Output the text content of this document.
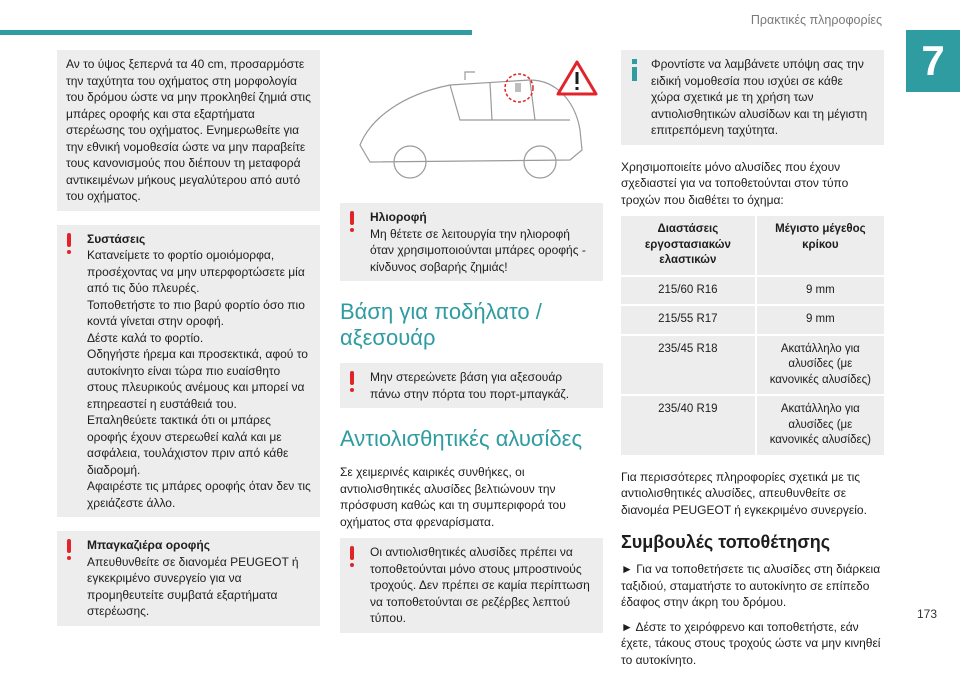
Πρακτικές πληροφορίες
7
Αν το ύψος ξεπερνά τα 40 cm, προσαρμόστε την ταχύτητα του οχήματος στη μορφολογία του δρόμου ώστε να μην προκληθεί ζημιά στις μπάρες οροφής και στα εξαρτήματα στερέωσης του οχήματος. Ενημερωθείτε για την εθνική νομοθεσία ώστε να μην παραβείτε τους κανονισμούς που διέπουν τη μεταφορά αντικειμένων μήκους μεγαλύτερου από αυτό του οχήματος.
Συστάσεις
Κατανείμετε το φορτίο ομοιόμορφα, προσέχοντας να μην υπερφορτώσετε μία από τις δύο πλευρές.
Τοποθετήστε το πιο βαρύ φορτίο όσο πιο κοντά γίνεται στην οροφή.
Δέστε καλά το φορτίο.
Οδηγήστε ήρεμα και προσεκτικά, αφού το αυτοκίνητο είναι τώρα πιο ευαίσθητο στους πλευρικούς ανέμους και μπορεί να επηρεαστεί η ευστάθειά του.
Επαληθεύετε τακτικά ότι οι μπάρες οροφής έχουν στερεωθεί καλά και με ασφάλεια, τουλάχιστον πριν από κάθε διαδρομή.
Αφαιρέστε τις μπάρες οροφής όταν δεν τις χρειάζεστε άλλο.
Μπαγκαζιέρα οροφής
Απευθυνθείτε σε διανομέα PEUGEOT ή εγκεκριμένο συνεργείο για να προμηθευτείτε συμβατά εξαρτήματα στερέωσης.
Ηλιοροφή
Μη θέτετε σε λειτουργία την ηλιοροφή όταν χρησιμοποιούνται μπάρες οροφής - κίνδυνος σοβαρής ζημιάς!
Βάση για ποδήλατο / αξεσουάρ
Μην στερεώνετε βάση για αξεσουάρ πάνω στην πόρτα του πορτ-μπαγκάζ.
Αντιολισθητικές αλυσίδες

Σε χειμερινές καιρικές συνθήκες, οι αντιολισθητικές αλυσίδες βελτιώνουν την πρόσφυση καθώς και τη συμπεριφορά του οχήματος στα φρεναρίσματα.

Οι αντιολισθητικές αλυσίδες πρέπει να τοποθετούνται μόνο στους μπροστινούς τροχούς. Δεν πρέπει σε καμία περίπτωση να τοποθετούνται σε ρεζέρβες λεπτού τύπου.
Φροντίστε να λαμβάνετε υπόψη σας την ειδική νομοθεσία που ισχύει σε κάθε χώρα σχετικά με τη χρήση των αντιολισθητικών αλυσίδων και τη μέγιστη επιτρεπόμενη ταχύτητα.

Χρησιμοποιείτε μόνο αλυσίδες που έχουν σχεδιαστεί για να τοποθετούνται στον τύπο τροχών που διαθέτει το όχημα:

Διαστάσεις εργοστασιακών ελαστικών	Μέγιστο μέγεθος κρίκου
215/60 R16	9 mm
215/55 R17	9 mm
235/45 R18	Ακατάλληλο για αλυσίδες (με κανονικές αλυσίδες)
235/40 R19	Ακατάλληλο για αλυσίδες (με κανονικές αλυσίδες)

Για περισσότερες πληροφορίες σχετικά με τις αντιολισθητικές αλυσίδες, απευθυνθείτε σε διανομέα PEUGEOT ή εγκεκριμένο συνεργείο.

Συμβουλές τοποθέτησης

► Για να τοποθετήσετε τις αλυσίδες στη διάρκεια ταξιδιού, σταματήστε το αυτοκίνητο σε επίπεδο έδαφος στην άκρη του δρόμου.

► Δέστε το χειρόφρενο και τοποθετήστε, εάν έχετε, τάκους στους τροχούς ώστε να μην κινηθεί το αυτοκίνητο.

173
